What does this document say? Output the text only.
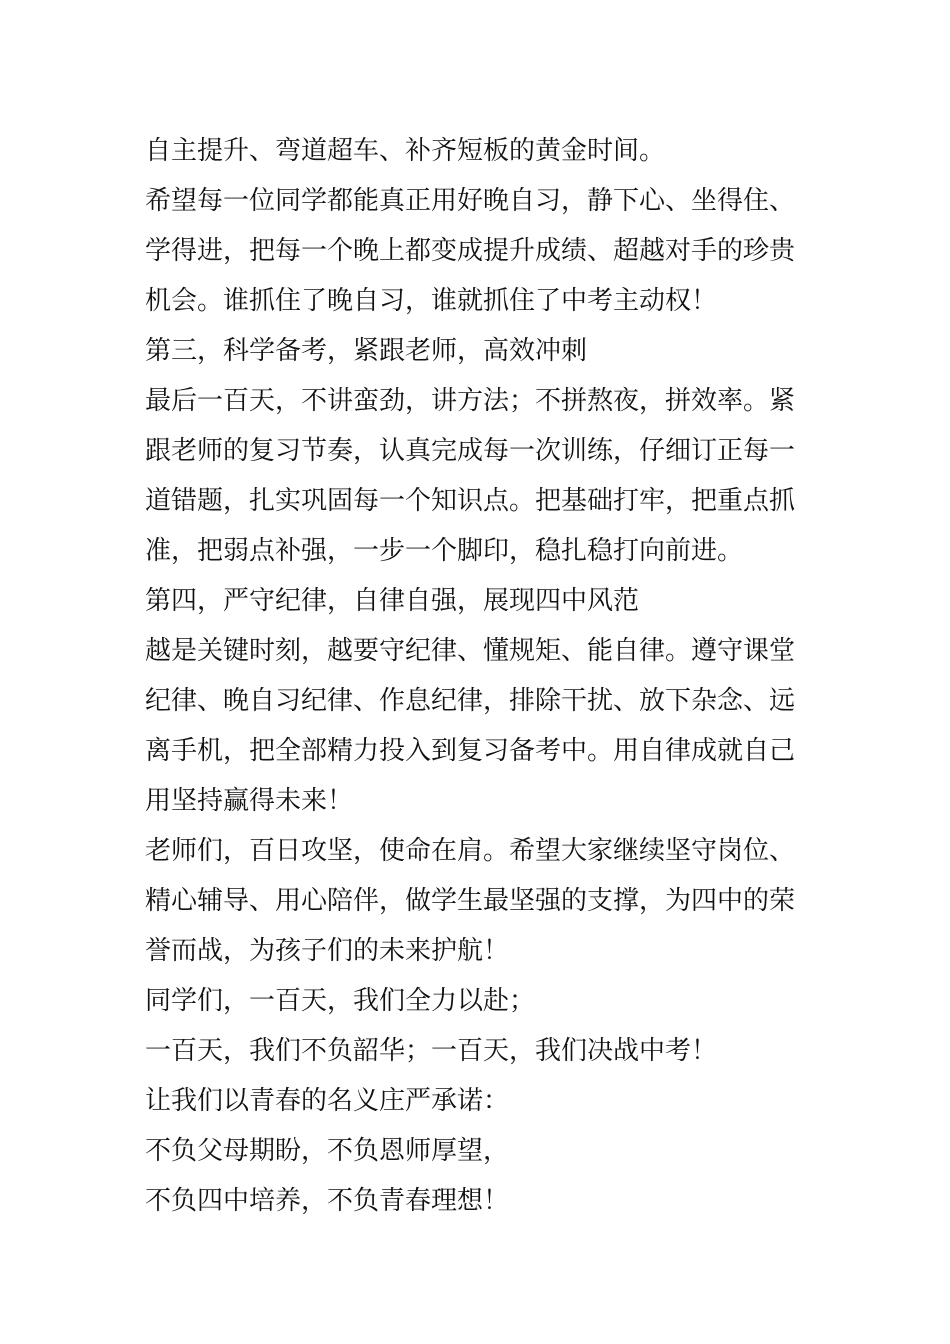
自主提升、弯道超车、补齐短板的黄金时间。
希望每一位同学都能真正用好晚自习，静下心、坐得住、
学得进，把每一个晚上都变成提升成绩、超越对手的珍贵
机会。谁抓住了晚自习，谁就抓住了中考主动权！
第三，科学备考，紧跟老师，高效冲刺
最后一百天，不讲蛮劲，讲方法；不拼熬夜，拼效率。紧
跟老师的复习节奏，认真完成每一次训练，仔细订正每一
道错题，扎实巩固每一个知识点。把基础打牢，把重点抓
准，把弱点补强，一步一个脚印，稳扎稳打向前进。
第四，严守纪律，自律自强，展现四中风范
越是关键时刻，越要守纪律、懂规矩、能自律。遵守课堂
纪律、晚自习纪律、作息纪律，排除干扰、放下杂念、远
离手机，把全部精力投入到复习备考中。用自律成就自己
用坚持赢得未来！
老师们，百日攻坚，使命在肩。希望大家继续坚守岗位、
精心辅导、用心陪伴，做学生最坚强的支撑，为四中的荣
誉而战，为孩子们的未来护航！
同学们，一百天，我们全力以赴；
一百天，我们不负韶华；一百天，我们决战中考！
让我们以青春的名义庄严承诺：
不负父母期盼，不负恩师厚望，
不负四中培养，不负青春理想！
